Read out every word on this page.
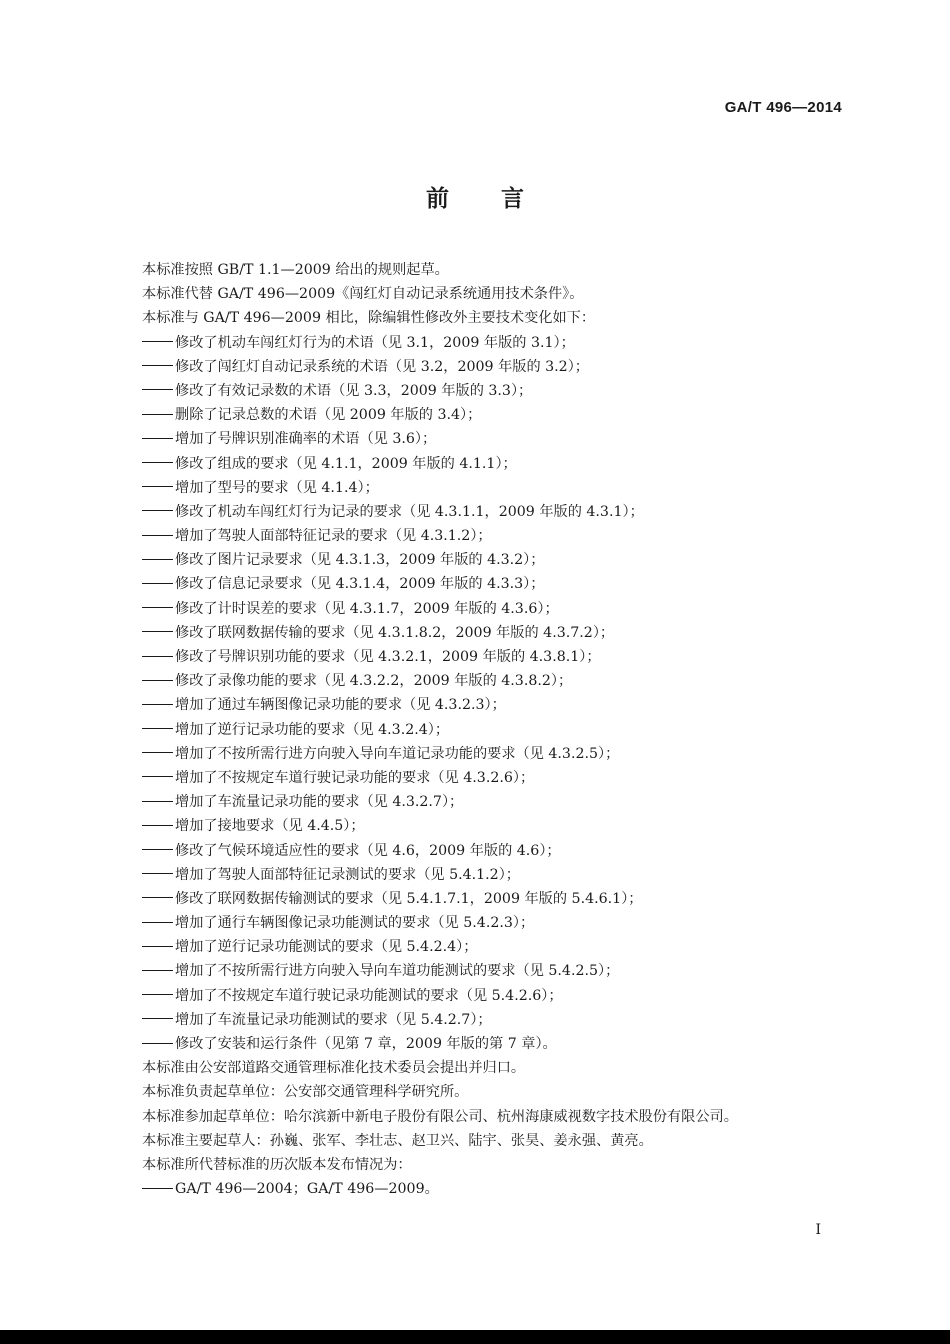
GA/T 496—2014
前 言
本标准按照 GB/T 1.1—2009 给出的规则起草。
本标准代替 GA/T 496—2009《闯红灯自动记录系统通用技术条件》。
本标准与 GA/T 496—2009 相比，除编辑性修改外主要技术变化如下：
修改了机动车闯红灯行为的术语（见 3.1，2009 年版的 3.1）；
修改了闯红灯自动记录系统的术语（见 3.2，2009 年版的 3.2）；
修改了有效记录数的术语（见 3.3，2009 年版的 3.3）；
删除了记录总数的术语（见 2009 年版的 3.4）；
增加了号牌识别准确率的术语（见 3.6）；
修改了组成的要求（见 4.1.1，2009 年版的 4.1.1）；
增加了型号的要求（见 4.1.4）；
修改了机动车闯红灯行为记录的要求（见 4.3.1.1，2009 年版的 4.3.1）；
增加了驾驶人面部特征记录的要求（见 4.3.1.2）；
修改了图片记录要求（见 4.3.1.3，2009 年版的 4.3.2）；
修改了信息记录要求（见 4.3.1.4，2009 年版的 4.3.3）；
修改了计时误差的要求（见 4.3.1.7，2009 年版的 4.3.6）；
修改了联网数据传输的要求（见 4.3.1.8.2，2009 年版的 4.3.7.2）；
修改了号牌识别功能的要求（见 4.3.2.1，2009 年版的 4.3.8.1）；
修改了录像功能的要求（见 4.3.2.2，2009 年版的 4.3.8.2）；
增加了通过车辆图像记录功能的要求（见 4.3.2.3）；
增加了逆行记录功能的要求（见 4.3.2.4）；
增加了不按所需行进方向驶入导向车道记录功能的要求（见 4.3.2.5）；
增加了不按规定车道行驶记录功能的要求（见 4.3.2.6）；
增加了车流量记录功能的要求（见 4.3.2.7）；
增加了接地要求（见 4.4.5）；
修改了气候环境适应性的要求（见 4.6，2009 年版的 4.6）；
增加了驾驶人面部特征记录测试的要求（见 5.4.1.2）；
修改了联网数据传输测试的要求（见 5.4.1.7.1，2009 年版的 5.4.6.1）；
增加了通行车辆图像记录功能测试的要求（见 5.4.2.3）；
增加了逆行记录功能测试的要求（见 5.4.2.4）；
增加了不按所需行进方向驶入导向车道功能测试的要求（见 5.4.2.5）；
增加了不按规定车道行驶记录功能测试的要求（见 5.4.2.6）；
增加了车流量记录功能测试的要求（见 5.4.2.7）；
修改了安装和运行条件（见第 7 章，2009 年版的第 7 章）。
本标准由公安部道路交通管理标准化技术委员会提出并归口。
本标准负责起草单位：公安部交通管理科学研究所。
本标准参加起草单位：哈尔滨新中新电子股份有限公司、杭州海康威视数字技术股份有限公司。
本标准主要起草人：孙巍、张军、李壮志、赵卫兴、陆宇、张昊、姜永强、黄亮。
本标准所代替标准的历次版本发布情况为：
GA/T 496—2004；GA/T 496—2009。
I
